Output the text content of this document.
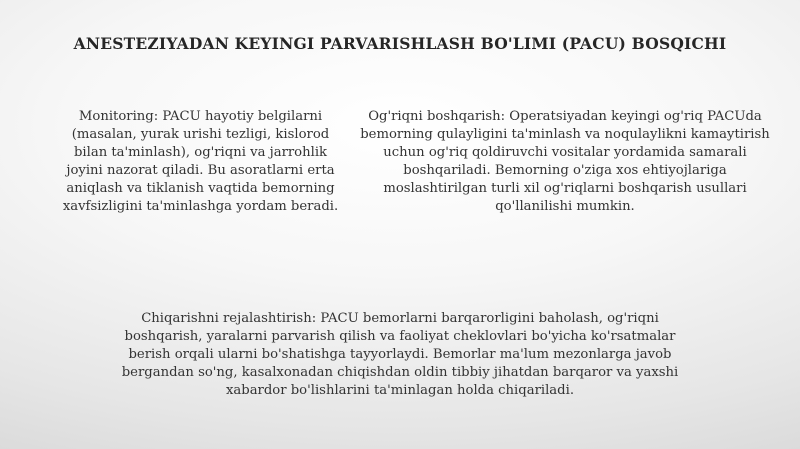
ANESTEZIYADAN KEYINGI PARVARISHLASH BO'LIMI (PACU) BOSQICHI
Monitoring: PACU hayotiy belgilarni (masalan, yurak urishi tezligi, kislorod bilan ta'minlash), og'riqni va jarrohlik joyini nazorat qiladi. Bu asoratlarni erta aniqlash va tiklanish vaqtida bemorning xavfsizligini ta'minlashga yordam beradi.
Og'riqni boshqarish: Operatsiyadan keyingi og'riq PACUda bemorning qulayligini ta'minlash va noqulaylikni kamaytirish uchun og'riq qoldiruvchi vositalar yordamida samarali boshqariladi. Bemorning o'ziga xos ehtiyojlariga moslashtirilgan turli xil og'riqlarni boshqarish usullari qo'llanilishi mumkin.
Chiqarishni rejalashtirish: PACU bemorlarni barqarorligini baholash, og'riqni boshqarish, yaralarni parvarish qilish va faoliyat cheklovlari bo'yicha ko'rsatmalar berish orqali ularni bo'shatishga tayyorlaydi. Bemorlar ma'lum mezonlarga javob bergandan so'ng, kasalxonadan chiqishdan oldin tibbiy jihatdan barqaror va yaxshi xabardor bo'lishlarini ta'minlagan holda chiqariladi.
